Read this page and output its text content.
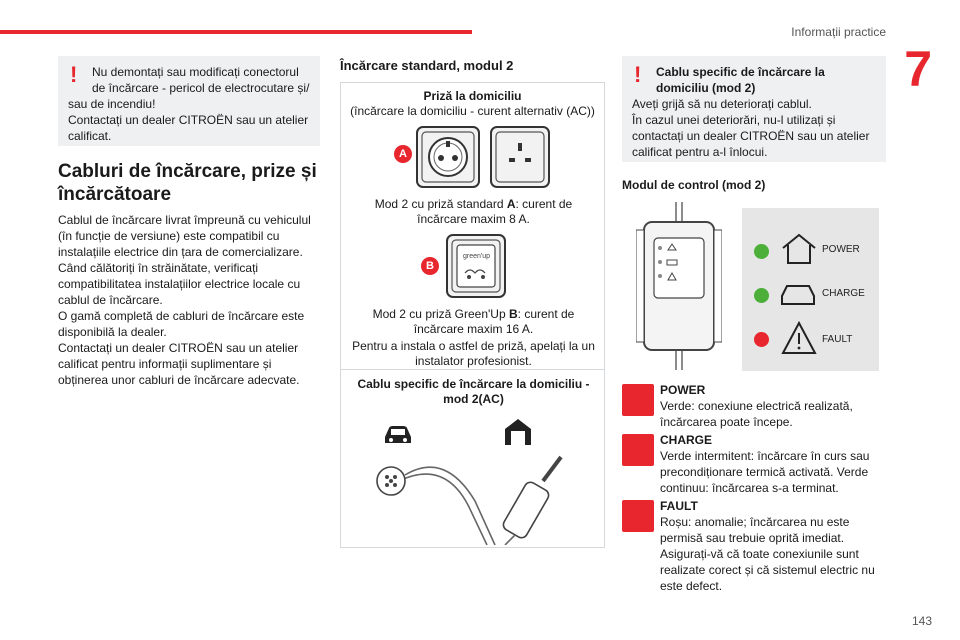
Informații practice
7
143
!	Nu demontați sau modificați conectorul de încărcare - pericol de electrocutare și/
sau de incendiu!
Contactați un dealer CITROËN sau un atelier calificat.
Cabluri de încărcare, prize și încărcătoare
Cablul de încărcare livrat împreună cu vehiculul (în funcție de versiune) este compatibil cu instalațiile electrice din țara de comercializare.
Când călătoriți în străinătate, verificați compatibilitatea instalațiilor electrice locale cu cablul de încărcare.
O gamă completă de cabluri de încărcare este disponibilă la dealer.
Contactați un dealer CITROËN sau un atelier calificat pentru informații suplimentare și obținerea unor cabluri de încărcare adecvate.
Încărcare standard, modul 2
Priză la domiciliu
(încărcare la domiciliu - curent alternativ (AC))
A
Mod 2 cu priză standard A: curent de încărcare maxim 8 A.
B
green'up
Mod 2 cu priză Green'Up B: curent de încărcare maxim 16 A.
Pentru a instala o astfel de priză, apelați la un instalator profesionist.
Cablu specific de încărcare la domiciliu - mod 2(AC)
!	Cablu specific de încărcare la domiciliu (mod 2)
Aveți grijă să nu deteriorați cablul.
În cazul unei deteriorări, nu-l utilizați și contactați un dealer CITROËN sau un atelier calificat pentru a-l înlocui.
Modul de control (mod 2)
POWER
CHARGE
FAULT
POWER
Verde: conexiune electrică realizată, încărcarea poate începe.
CHARGE
Verde intermitent: încărcare în curs sau precondiționare termică activată. Verde continuu: încărcarea s-a terminat.
FAULT
Roșu: anomalie; încărcarea nu este permisă sau trebuie oprită imediat. Asigurați-vă că toate conexiunile sunt realizate corect și că sistemul electric nu este defect.
